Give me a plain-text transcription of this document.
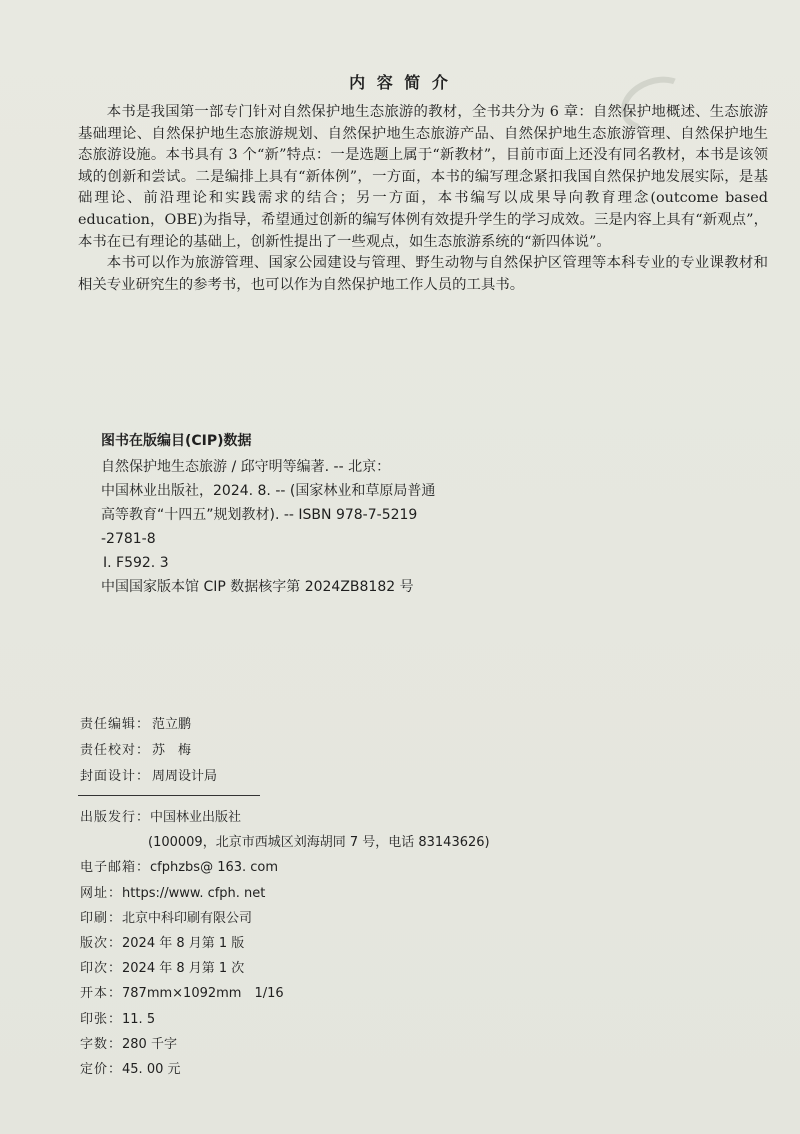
内 容 简 介

本书是我国第一部专门针对自然保护地生态旅游的教材，全书共分为 6 章：自然保护地概述、生态旅游基础理论、自然保护地生态旅游规划、自然保护地生态旅游产品、自然保护地生态旅游管理、自然保护地生态旅游设施。本书具有 3 个“新”特点：一是选题上属于“新教材”，目前市面上还没有同名教材，本书是该领域的创新和尝试。二是编排上具有“新体例”，一方面，本书的编写理念紧扣我国自然保护地发展实际，是基础理论、前沿理论和实践需求的结合；另一方面，本书编写以成果导向教育理念(outcome based education，OBE)为指导，希望通过创新的编写体例有效提升学生的学习成效。三是内容上具有“新观点”，本书在已有理论的基础上，创新性提出了一些观点，如生态旅游系统的“新四体说”。

本书可以作为旅游管理、国家公园建设与管理、野生动物与自然保护区管理等本科专业的专业课教材和相关专业研究生的参考书，也可以作为自然保护地工作人员的工具书。

图书在版编目(CIP)数据
自然保护地生态旅游 / 邱守明等编著. -- 北京：
中国林业出版社，2024. 8. -- (国家林业和草原局普通
高等教育“十四五”规划教材). -- ISBN 978-7-5219
-2781-8
Ⅰ. F592. 3
中国国家版本馆 CIP 数据核字第 2024ZB8182 号
责任编辑： 范立鹏
责任校对： 苏　梅
封面设计： 周周设计局
出版发行： 中国林业出版社
(100009，北京市西城区刘海胡同 7 号，电话 83143626)
电子邮箱： cfphzbs@ 163. com
网址： https://www. cfph. net
印刷： 北京中科印刷有限公司
版次： 2024 年 8 月第 1 版
印次： 2024 年 8 月第 1 次
开本： 787mm×1092mm　1/16
印张： 11. 5
字数： 280 千字
定价： 45. 00 元
